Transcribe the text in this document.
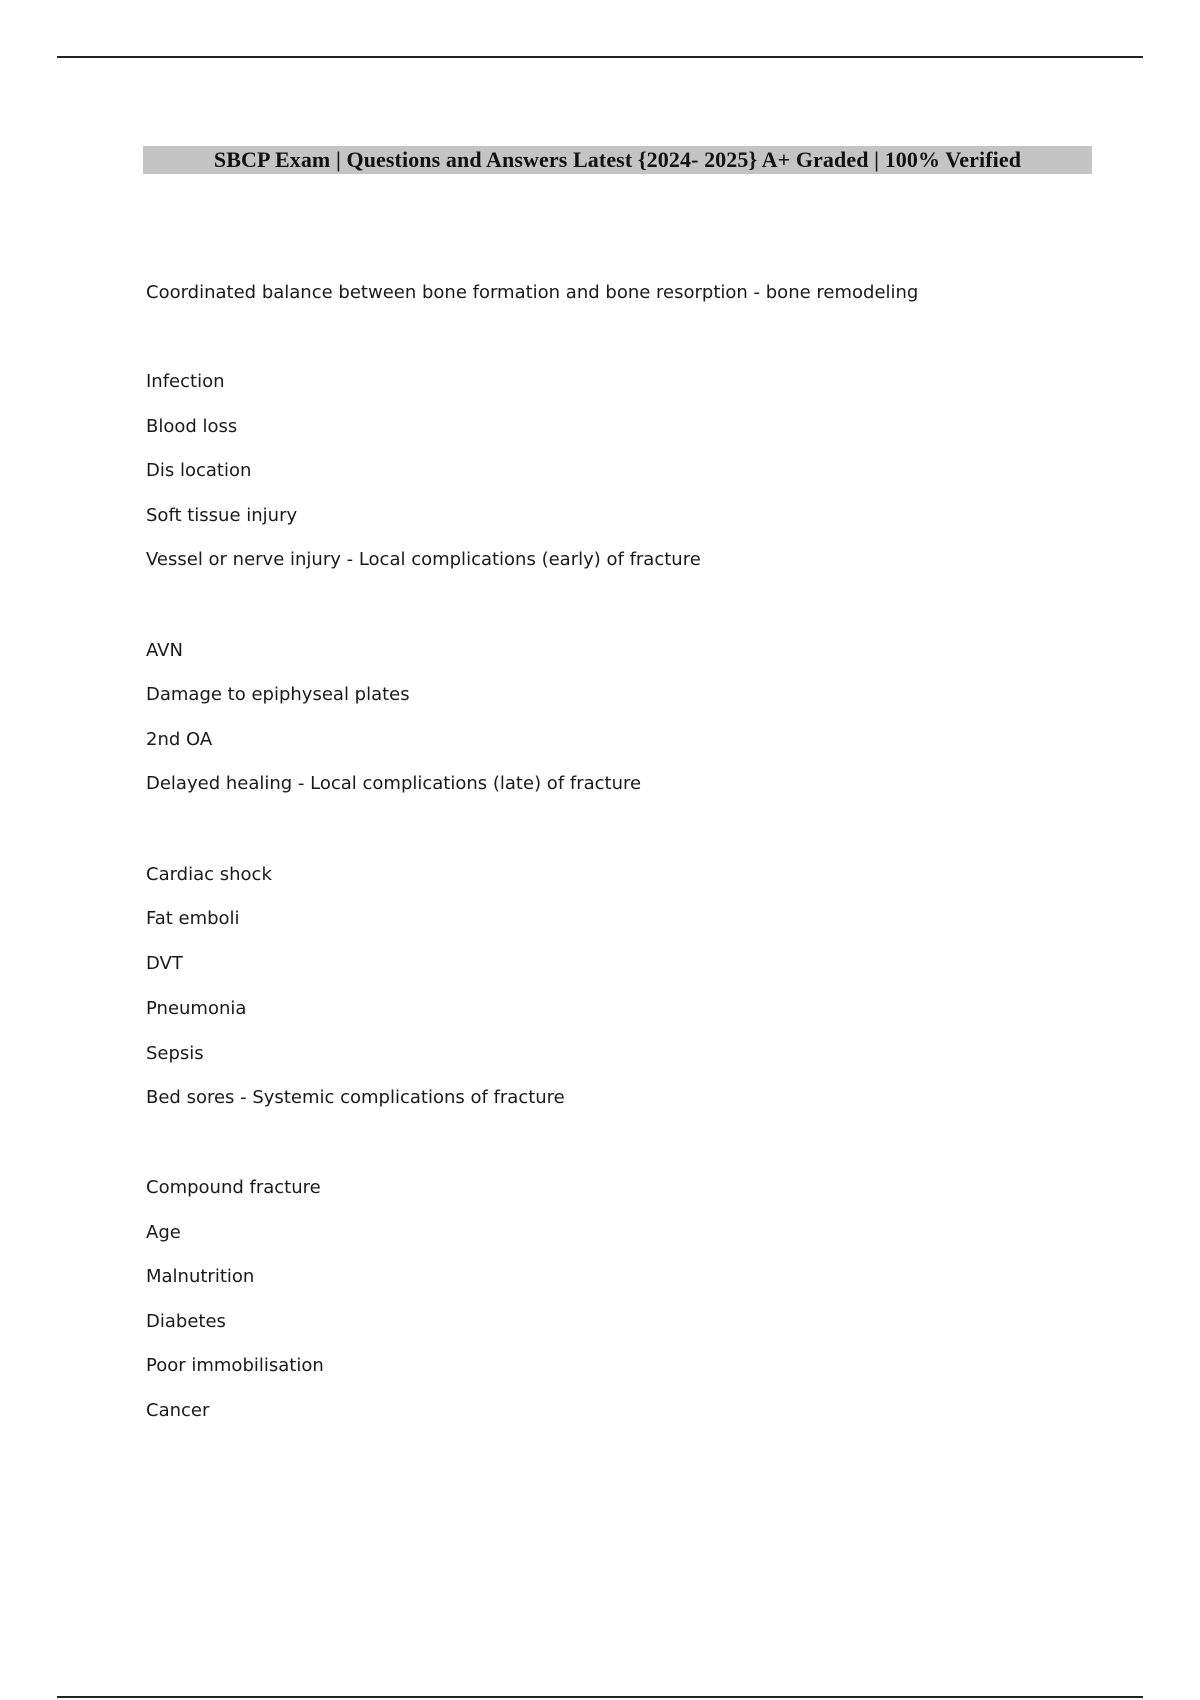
SBCP Exam | Questions and Answers Latest {2024- 2025} A+ Graded | 100% Verified
Coordinated balance between bone formation and bone resorption - bone remodeling
Infection
Blood loss
Dis location
Soft tissue injury
Vessel or nerve injury - Local complications (early) of fracture
AVN
Damage to epiphyseal plates
2nd OA
Delayed healing - Local complications (late) of fracture
Cardiac shock
Fat emboli
DVT
Pneumonia
Sepsis
Bed sores - Systemic complications of fracture
Compound fracture
Age
Malnutrition
Diabetes
Poor immobilisation
Cancer
